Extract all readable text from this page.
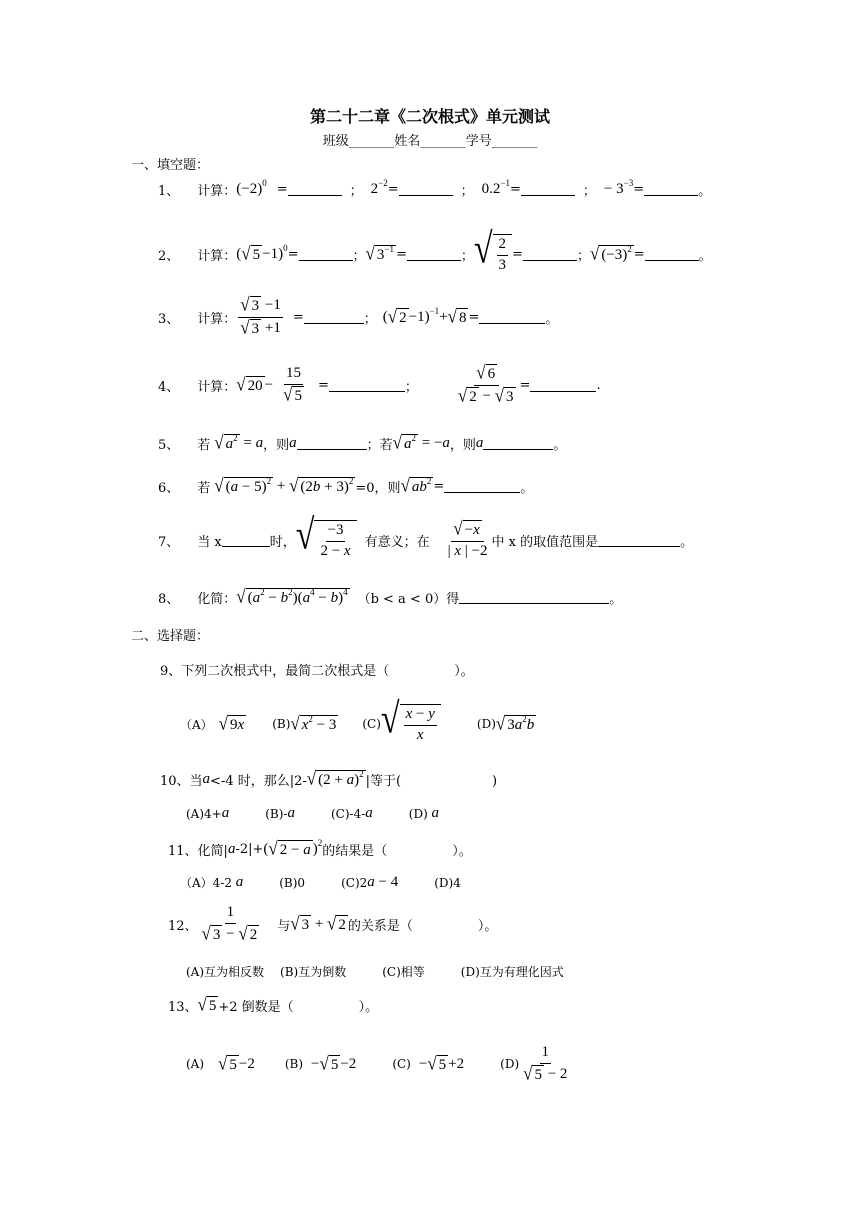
第二十二章《二次根式》单元测试
班级_______姓名_______学号_______
一、填空题：
1、 计算： $(-2)^0$ =	； $2^{-2}$ =	； $0.2^{-1}$ =	； − $3^{-3}$ =	。
2、 计算： ( √ 5 −1)$^0$ =	； √ $3^{-1}$ =	； √ $\frac{2}{3}$ =	； √ $(-3)^2$ =	。
3、 计算： $\frac{√ 3 -1}{√ 3 +1}$ =	； ( √ 2 −1)$^{-1}$+ √ 8 =	。
4、 计算： √ $20 - \frac{15}{√ 5}$ =	； $\frac{√ 6}{√ 2 - √ 3}$ =	.
5、 若 √ $a^2 = a$ ，则 a	；若 √ $a^2 = -a$ ，则 a	。
6、 若 √ $(a - 5)^2$ + √ $(2b + 3)^2$
=0，则 √ $ab^2$ =	。
7、 当 x	时， √ $\frac{-3}{2 - x}$ 有意义；在 $\frac{√ -x}{| x | -2}$ 中 x 的取值范围是	。
8、 化简： √ $(a^2 - b^2)(a^4 - b)^4$
（b < a < 0）得	。
二、选择题：
9、下列二次根式中，最简二次根式是（　　　　　）。
（A） √ 9x (B) √ $x^2 - 3$ (C) √ $\frac{x - y}{x}$	(D) √ $3a^2b$
10、当 a <-4 时，那么|2- √ $(2 + a)^2$
|等于(　　　　　　　)
(A)4+ a	(B)- a	(C)-4- a	(D) a
11、化简| a -2|+ ( √ 2 − a )$^2$
的结果是（　　　　　）。
（A）4-2 a	(B)0	(C)2 a − 4	(D)4
12、 $\frac{1}{√ 3 - √ 2}$ 与 √ 3 + √ 2 的关系是（　　　　　）。
(A)互为相反数 (B)互为倒数	(C)相等	(D)互为有理化因式
13、 √ 5 +2 倒数是（　　　　　）。
(A) √ 5 −2	(B) − √ 5 −2	(C) − √ 5 +2	$(D) \frac{1}{√ 5 - 2}$
